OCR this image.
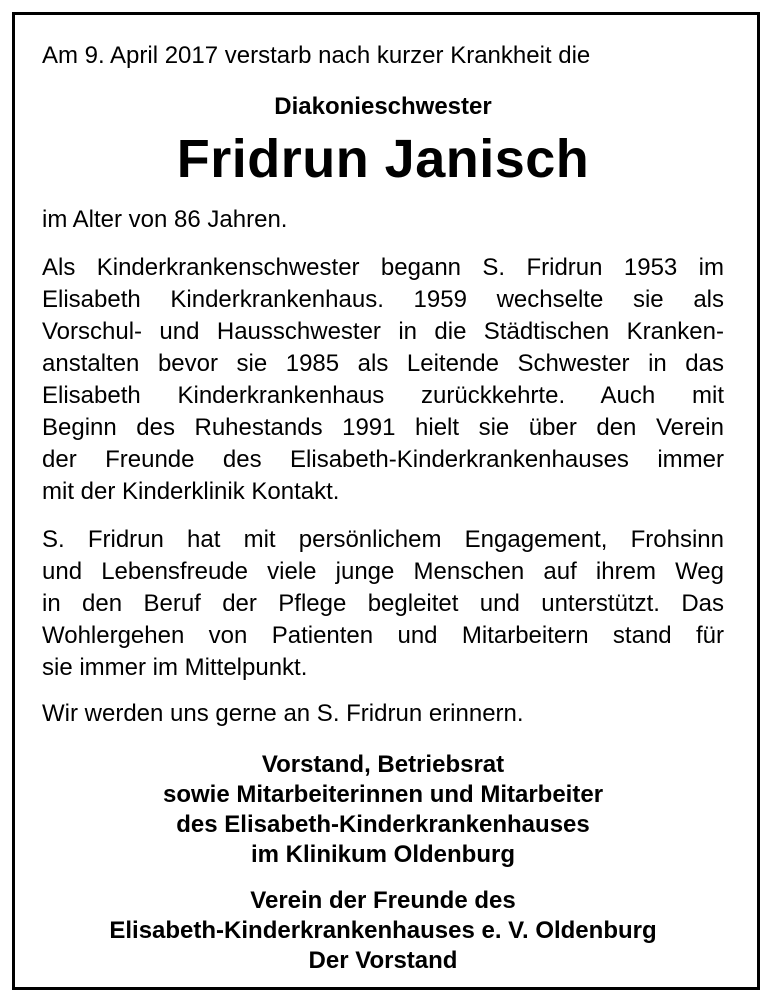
Am 9. April 2017 verstarb nach kurzer Krankheit die

Diakonieschwester

Fridrun Janisch

im Alter von 86 Jahren.

Als Kinderkrankenschwester begann S. Fridrun 1953 im
Elisabeth Kinderkrankenhaus. 1959 wechselte sie als
Vorschul- und Hausschwester in die Städtischen Kranken-
anstalten bevor sie 1985 als Leitende Schwester in das
Elisabeth Kinderkrankenhaus zurückkehrte. Auch mit
Beginn des Ruhestands 1991 hielt sie über den Verein
der Freunde des Elisabeth-Kinderkrankenhauses immer
mit der Kinderklinik Kontakt.

S. Fridrun hat mit persönlichem Engagement, Frohsinn
und Lebensfreude viele junge Menschen auf ihrem Weg
in den Beruf der Pflege begleitet und unterstützt. Das
Wohlergehen von Patienten und Mitarbeitern stand für
sie immer im Mittelpunkt.

Wir werden uns gerne an S. Fridrun erinnern.

Vorstand, Betriebsrat
sowie Mitarbeiterinnen und Mitarbeiter
des Elisabeth-Kinderkrankenhauses
im Klinikum Oldenburg
Verein der Freunde des
Elisabeth-Kinderkrankenhauses e. V. Oldenburg
Der Vorstand
